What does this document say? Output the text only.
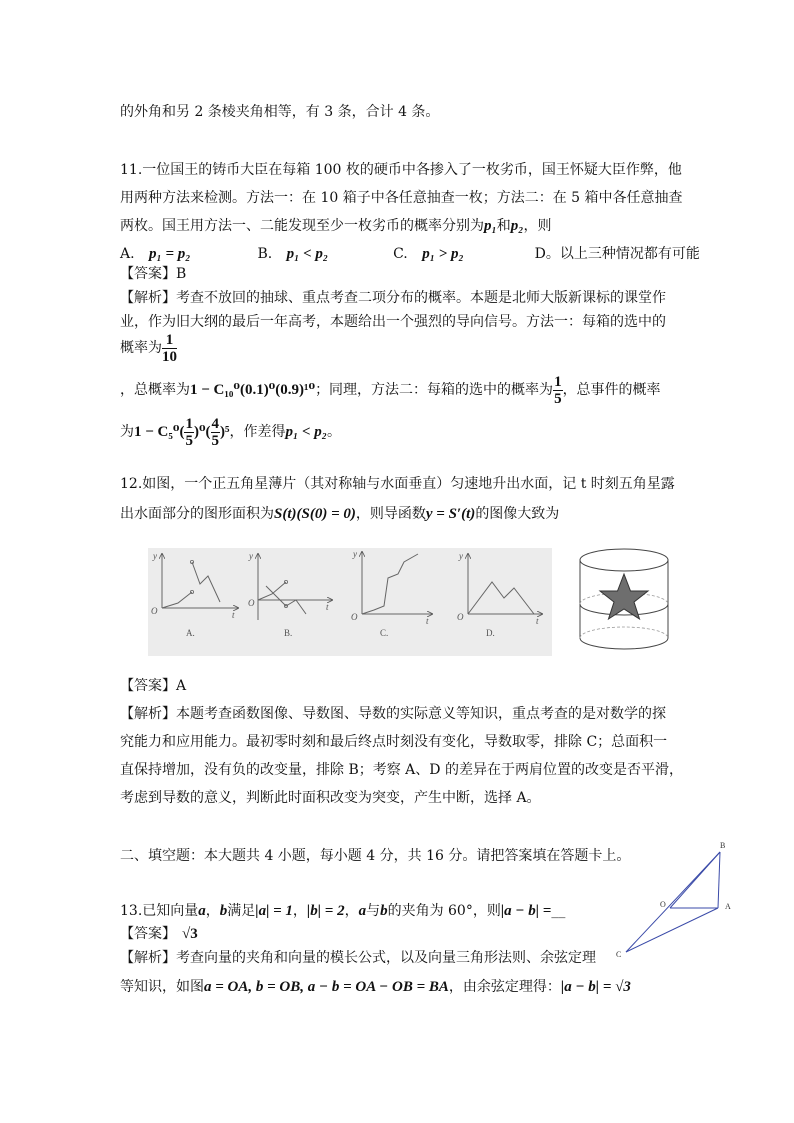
的外角和另 2 条棱夹角相等，有 3 条，合计 4 条。
11.一位国王的铸币大臣在每箱 100 枚的硬币中各掺入了一枚劣币，国王怀疑大臣作弊，他
用两种方法来检测。方法一：在 10 箱子中各任意抽查一枚；方法二：在 5 箱中各任意抽查
两枚。国王用方法一、二能发现至少一枚劣币的概率分别为p₁和p₂，则
A. p₁ = p₂	B. p₁ < p₂	C. p₁ > p₂	D。以上三种情况都有可能
【答案】B
【解析】考查不放回的抽球、重点考查二项分布的概率。本题是北师大版新课标的课堂作
业，作为旧大纲的最后一年高考，本题给出一个强烈的导向信号。方法一：每箱的选中的
概率为 $\frac{1}{10}$
，总概率为1 − C₁₀⁰(0.1)⁰(0.9)¹⁰；同理，方法二：每箱的选中的概率为 $\frac{1}{5}$ ，总事件的概率
为$1 - C_5^0( \frac{1}{5} )^0( \frac{4}{5} )^5$，作差得p₁ < p₂。
12.如图，一个正五角星薄片（其对称轴与水面垂直）匀速地升出水面，记 t 时刻五角星露
出水面部分的图形面积为S(t)(S(0) = 0)，则导函数y = S′(t)的图像大致为
y
O	t
A.
y
O	t
B.
y
O	t
C.
y
O	t
D.
【答案】A
【解析】本题考查函数图像、导数图、导数的实际意义等知识，重点考查的是对数学的探
究能力和应用能力。最初零时刻和最后终点时刻没有变化，导数取零，排除 C；总面积一
直保持增加，没有负的改变量，排除 B；考察 A、D 的差异在于两肩位置的改变是否平滑，
考虑到导数的意义，判断此时面积改变为突变，产生中断，选择 A。
二、填空题：本大题共 4 小题，每小题 4 分，共 16 分。请把答案填在答题卡上。
13.已知向量a，b满足|a| = 1，|b| = 2，a与b的夹角为 60°，则|a − b| =__
【答案】 √3
【解析】考查向量的夹角和向量的模长公式，以及向量三角形法则、余弦定理
等知识，如图a = OA, b = OB, a − b = OA − OB = BA，由余弦定理得：|a − b| = √3
B
O	A
C
